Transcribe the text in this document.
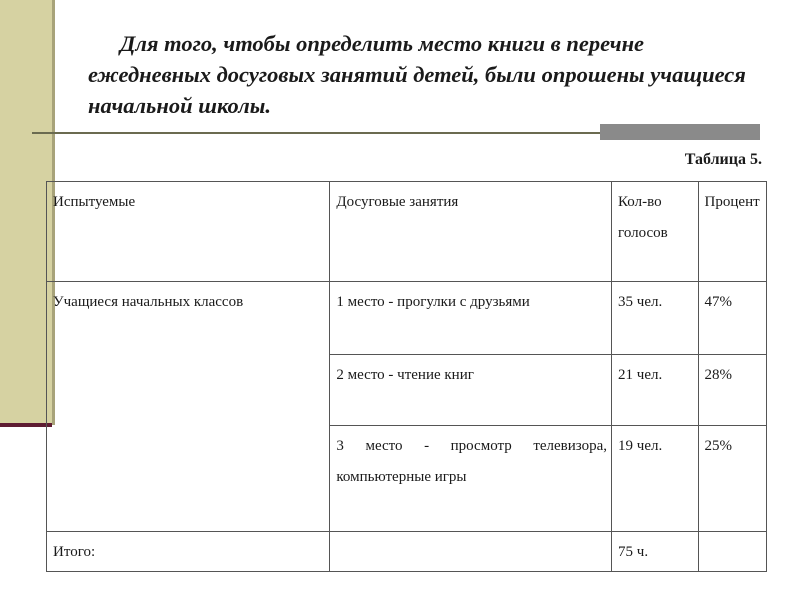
Для того, чтобы определить место книги в перечне ежедневных досуговых занятий детей, были опрошены учащиеся начальной школы.
Таблица 5.
Испытуемые	Досуговые занятия	Кол-во голосов	Процент
Учащиеся начальных классов	1 место - прогулки с друзьями	35 чел.	47%
	2 место - чтение книг	21 чел.	28%
	3 место - просмотр телевизора, компьютерные игры	19 чел.	25%
Итого:		75 ч.	
